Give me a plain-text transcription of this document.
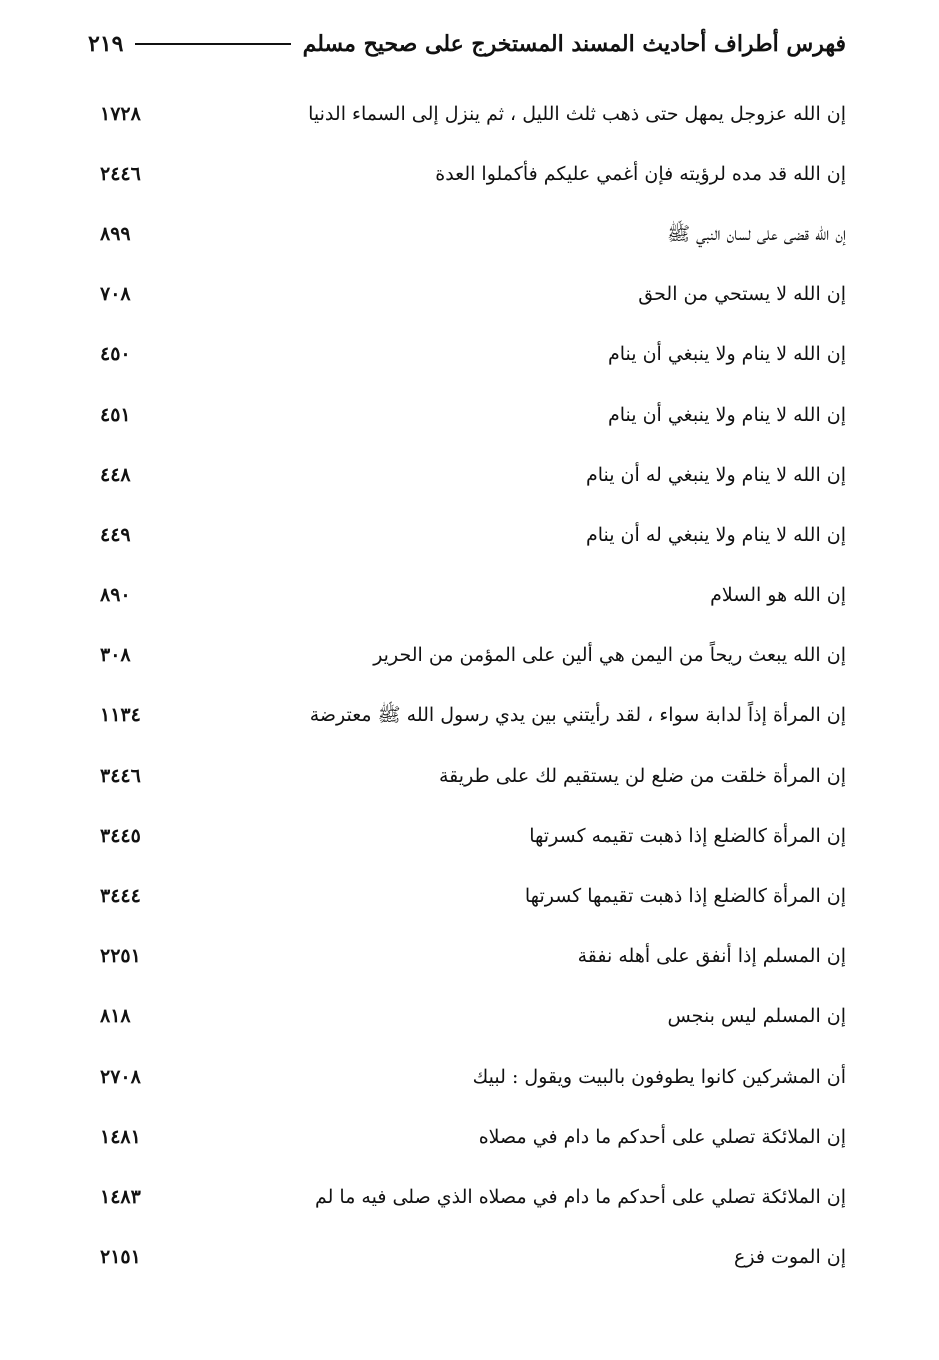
فهرس أطراف أحاديث المسند المستخرج على صحيح مسلم
٢١٩
إن الله عزوجل يمهل حتى ذهب ثلث الليل ، ثم ينزل إلى السماء الدنيا
١٧٢٨
إن الله قد مده لرؤيته فإن أغمي عليكم فأكملوا العدة
٢٤٤٦
إن الله قضى على لسان النبي ﷺ
٨٩٩
إن الله لا يستحي من الحق
٧٠٨
إن الله لا ينام ولا ينبغي أن ينام
٤٥٠
إن الله لا ينام ولا ينبغي أن ينام
٤٥١
إن الله لا ينام ولا ينبغي له أن ينام
٤٤٨
إن الله لا ينام ولا ينبغي له أن ينام
٤٤٩
إن الله هو السلام
٨٩٠
إن الله يبعث ريحاً من اليمن هي ألين على المؤمن من الحرير
٣٠٨
إن المرأة إذاً لدابة سواء ، لقد رأيتني بين يدي رسول الله ﷺ معترضة
١١٣٤
إن المرأة خلقت من ضلع لن يستقيم لك على طريقة
٣٤٤٦
إن المرأة كالضلع إذا ذهبت تقيمه كسرتها
٣٤٤٥
إن المرأة كالضلع إذا ذهبت تقيمها كسرتها
٣٤٤٤
إن المسلم إذا أنفق على أهله نفقة
٢٢٥١
إن المسلم ليس بنجس
٨١٨
أن المشركين كانوا يطوفون بالبيت ويقول : لبيك
٢٧٠٨
إن الملائكة تصلي على أحدكم ما دام في مصلاه
١٤٨١
إن الملائكة تصلي على أحدكم ما دام في مصلاه الذي صلى فيه ما لم
١٤٨٣
إن الموت فزع
٢١٥١
